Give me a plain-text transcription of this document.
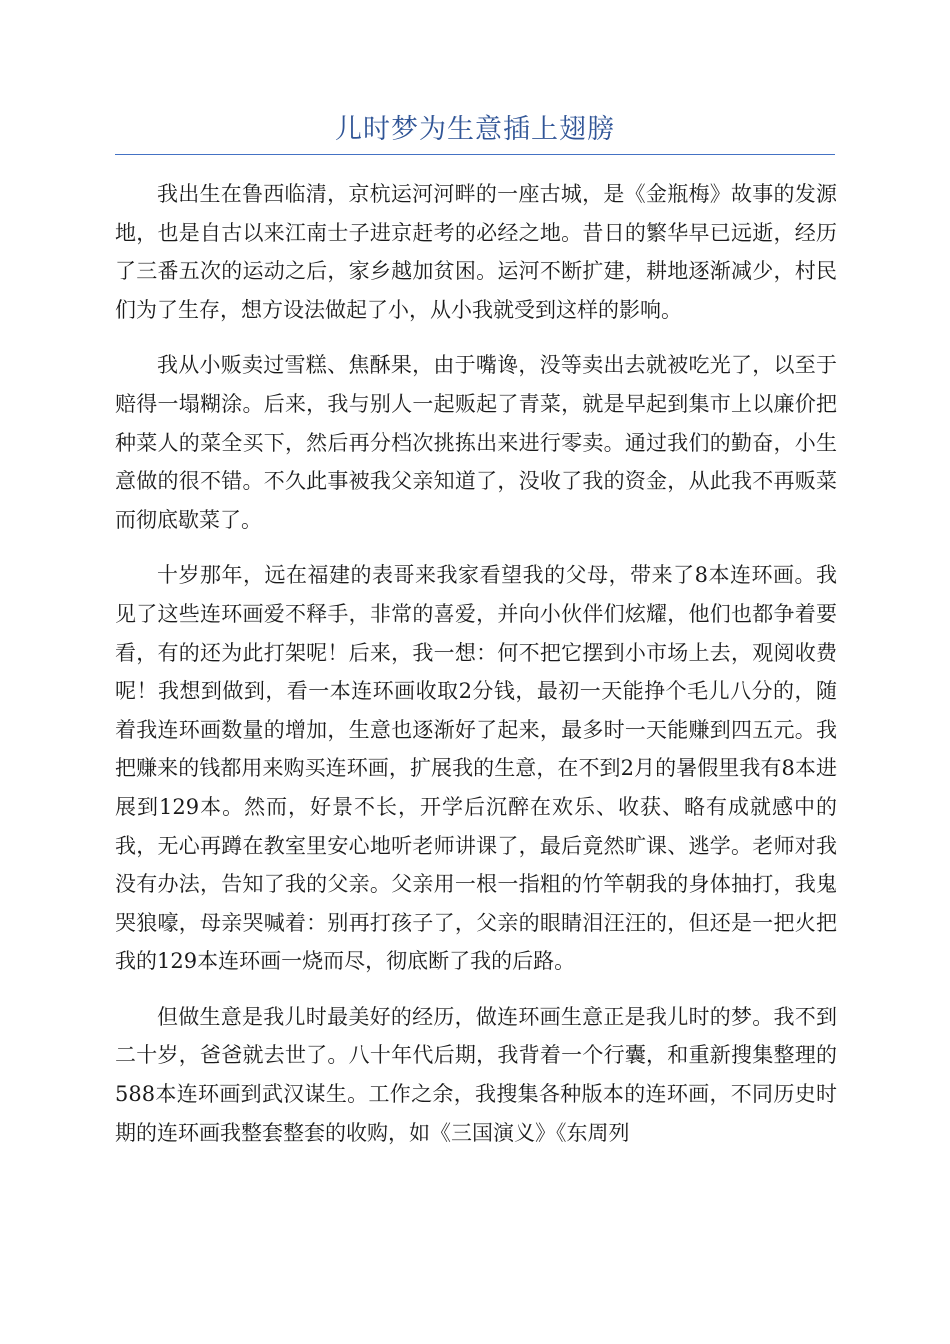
儿时梦为生意插上翅膀

我出生在鲁西临清，京杭运河河畔的一座古城，是《金瓶梅》故事的发源地，也是自古以来江南士子进京赶考的必经之地。昔日的繁华早已远逝，经历了三番五次的运动之后，家乡越加贫困。运河不断扩建，耕地逐渐减少，村民们为了生存，想方设法做起了小，从小我就受到这样的影响。

我从小贩卖过雪糕、焦酥果，由于嘴谗，没等卖出去就被吃光了，以至于赔得一塌糊涂。后来，我与别人一起贩起了青菜，就是早起到集市上以廉价把种菜人的菜全买下，然后再分档次挑拣出来进行零卖。通过我们的勤奋，小生意做的很不错。不久此事被我父亲知道了，没收了我的资金，从此我不再贩菜而彻底歇菜了。

十岁那年，远在福建的表哥来我家看望我的父母，带来了8本连环画。我见了这些连环画爱不释手，非常的喜爱，并向小伙伴们炫耀，他们也都争着要看，有的还为此打架呢！后来，我一想：何不把它摆到小市场上去，观阅收费呢！我想到做到，看一本连环画收取2分钱，最初一天能挣个毛儿八分的，随着我连环画数量的增加，生意也逐渐好了起来，最多时一天能赚到四五元。我把赚来的钱都用来购买连环画，扩展我的生意，在不到2月的暑假里我有8本进展到129本。然而，好景不长，开学后沉醉在欢乐、收获、略有成就感中的我，无心再蹲在教室里安心地听老师讲课了，最后竟然旷课、逃学。老师对我没有办法，告知了我的父亲。父亲用一根一指粗的竹竿朝我的身体抽打，我鬼哭狼嚎，母亲哭喊着：别再打孩子了，父亲的眼睛泪汪汪的，但还是一把火把我的129本连环画一烧而尽，彻底断了我的后路。

但做生意是我儿时最美好的经历，做连环画生意正是我儿时的梦。我不到二十岁，爸爸就去世了。八十年代后期，我背着一个行囊，和重新搜集整理的588本连环画到武汉谋生。工作之余，我搜集各种版本的连环画，不同历史时期的连环画我整套整套的收购，如《三国演义》《东周列
